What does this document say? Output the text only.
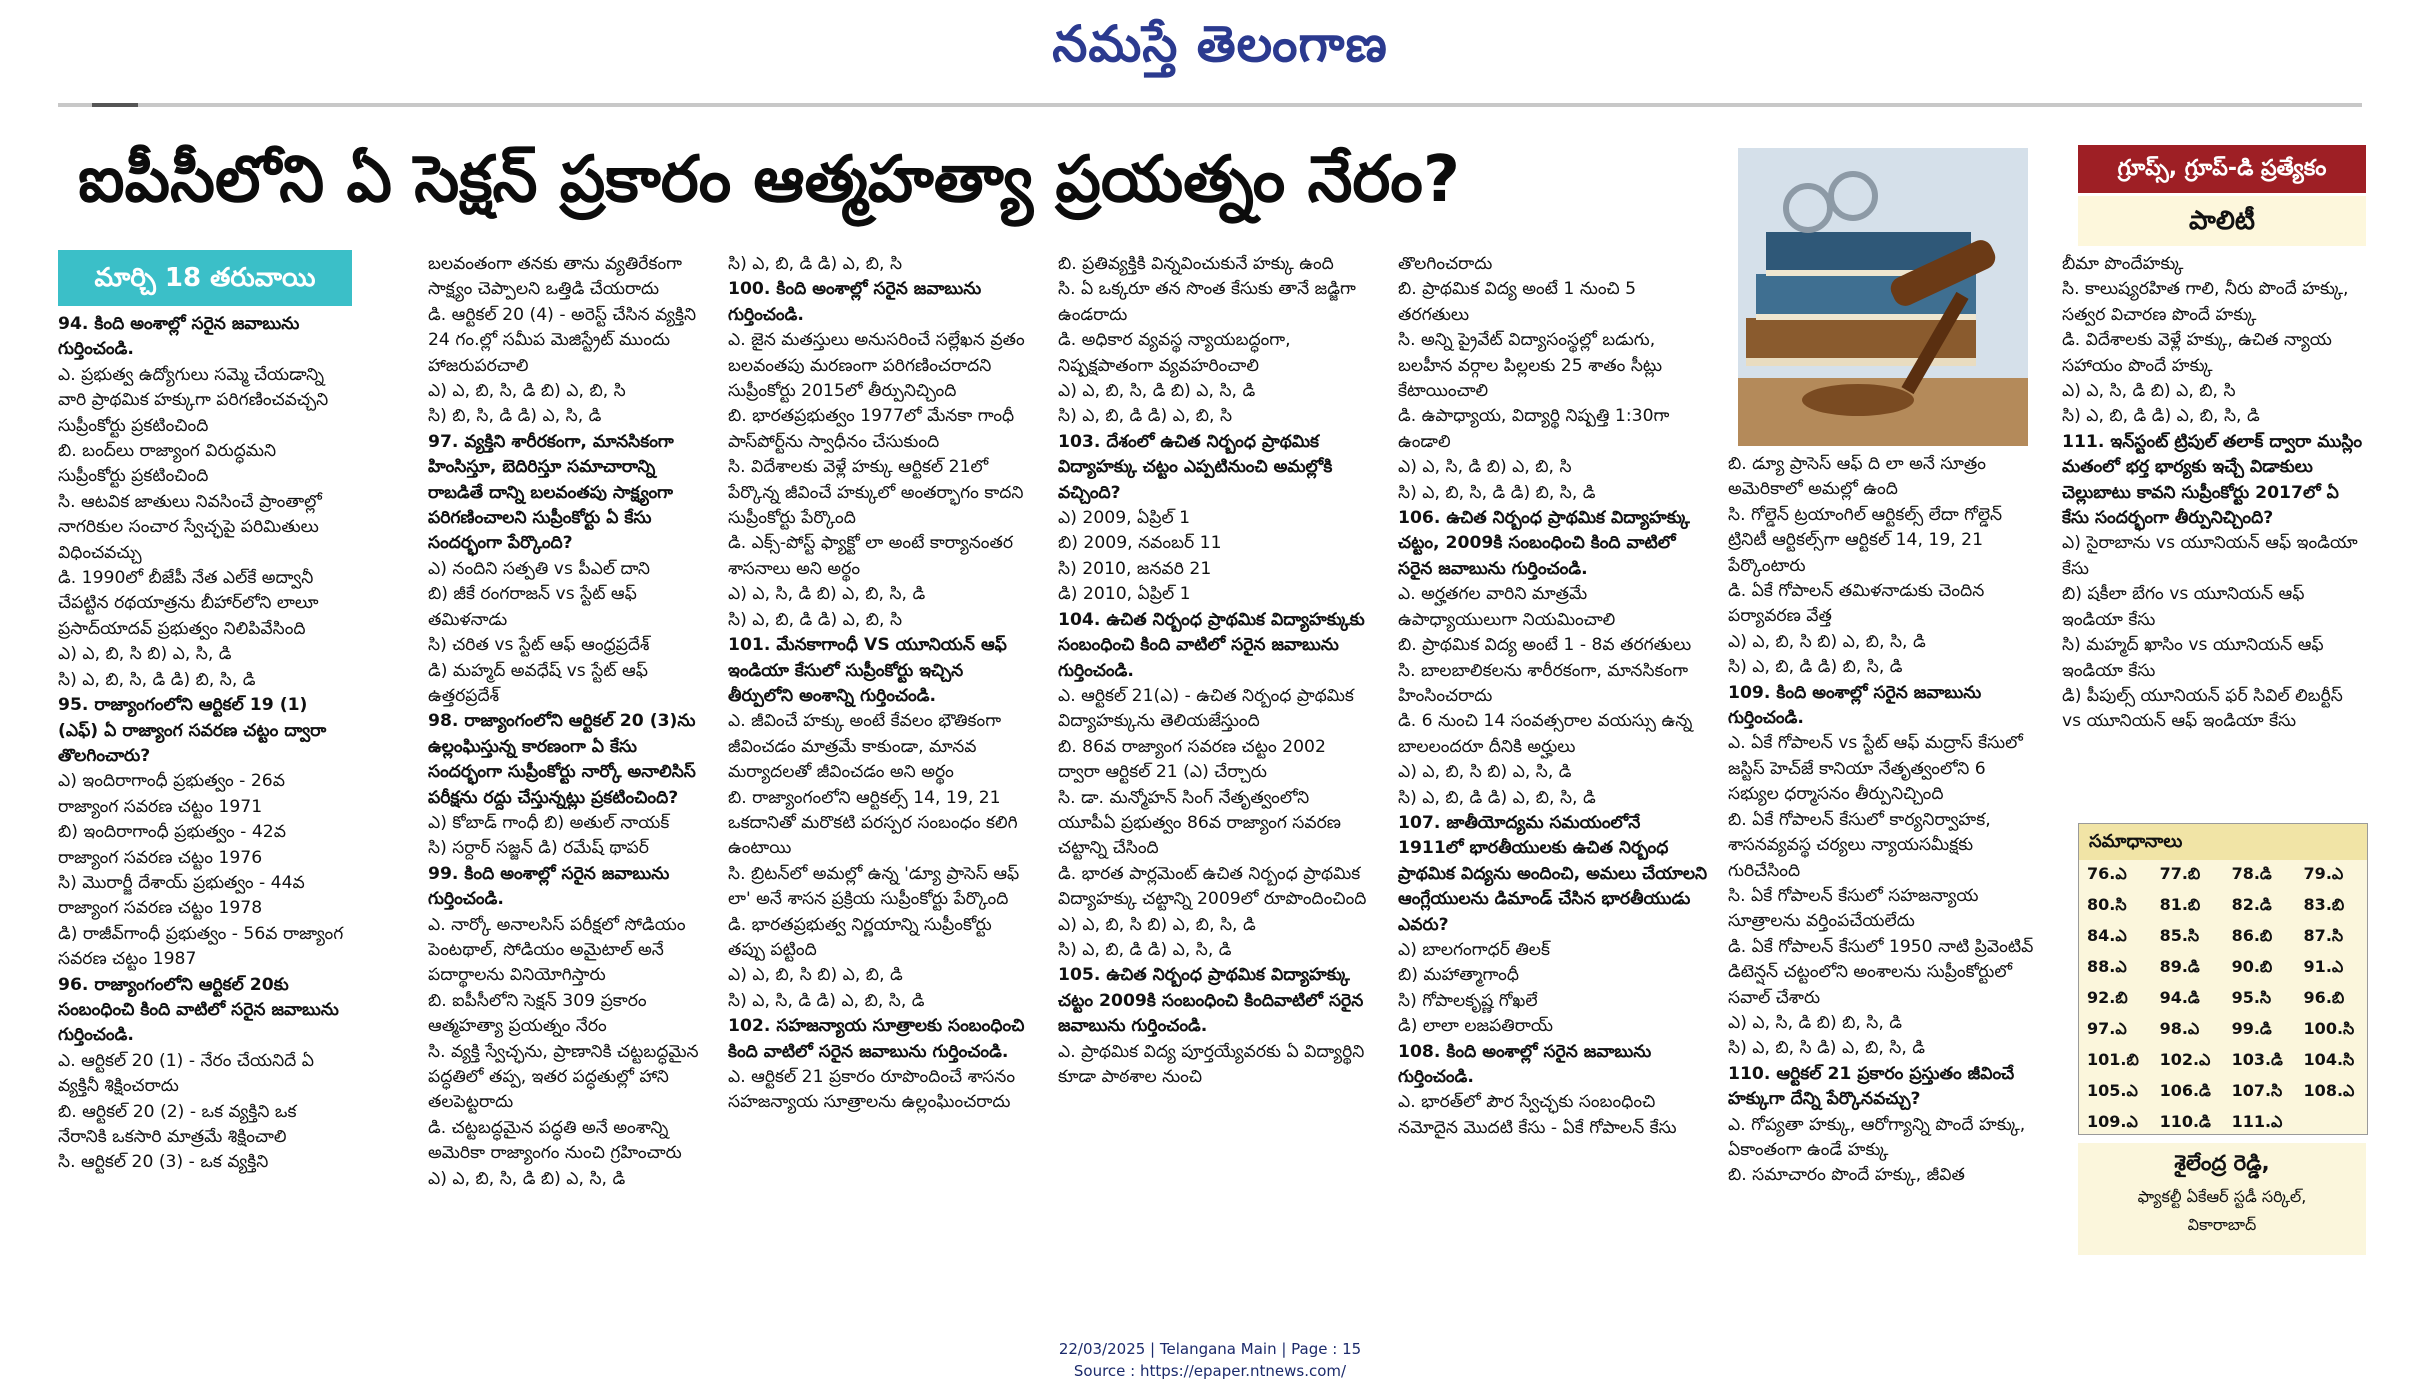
నమస్తే తెలంగాణ
ఐపీసీలోని ఏ సెక్షన్ ప్రకారం ఆత్మహత్యా ప్రయత్నం నేరం?
మార్చి 18 తరువాయి

94. కింది అంశాల్లో సరైన జవాబును గుర్తించండి.

ఎ. ప్రభుత్వ ఉద్యోగులు సమ్మె చేయడాన్ని వారి ప్రాథమిక హక్కుగా పరిగణించవచ్చని సుప్రీంకోర్టు ప్రకటించింది

బి. బంద్‌లు రాజ్యాంగ విరుద్ధమని సుప్రీంకోర్టు ప్రకటించింది

సి. ఆటవిక జాతులు నివసించే ప్రాంతాల్లో నాగరికుల సంచార స్వేచ్ఛపై పరిమితులు విధించవచ్చు

డి. 1990లో బీజేపీ నేత ఎల్‌కే అద్వానీ చేపట్టిన రథయాత్రను బీహార్‌లోని లాలూ ప్రసాద్‌యాదవ్ ప్రభుత్వం నిలిపివేసింది

ఎ) ఎ, బి, సి బి) ఎ, సి, డి

సి) ఎ, బి, సి, డి డి) బి, సి, డి

95. రాజ్యాంగంలోని ఆర్టికల్ 19 (1) (ఎఫ్) ఏ రాజ్యాంగ సవరణ చట్టం ద్వారా తొలగించారు?

ఎ) ఇందిరాగాంధీ ప్రభుత్వం - 26వ రాజ్యాంగ సవరణ చట్టం 1971

బి) ఇందిరాగాంధీ ప్రభుత్వం - 42వ రాజ్యాంగ సవరణ చట్టం 1976

సి) మొరార్జీ దేశాయ్ ప్రభుత్వం - 44వ రాజ్యాంగ సవరణ చట్టం 1978

డి) రాజీవ్‌గాంధీ ప్రభుత్వం - 56వ రాజ్యాంగ సవరణ చట్టం 1987

96. రాజ్యాంగంలోని ఆర్టికల్ 20కు సంబంధించి కింది వాటిలో సరైన జవాబును గుర్తించండి.

ఎ. ఆర్టికల్ 20 (1) - నేరం చేయనిదే ఏ వ్యక్తినీ శిక్షించరాదు

బి. ఆర్టికల్ 20 (2) - ఒక వ్యక్తిని ఒక నేరానికి ఒకసారి మాత్రమే శిక్షించాలి

సి. ఆర్టికల్ 20 (3) - ఒక వ్యక్తిని

బలవంతంగా తనకు తాను వ్యతిరేకంగా సాక్ష్యం చెప్పాలని ఒత్తిడి చేయరాదు

డి. ఆర్టికల్ 20 (4) - అరెస్ట్ చేసిన వ్యక్తిని 24 గం.ల్లో సమీప మెజిస్ట్రేట్ ముందు హాజరుపరచాలి

ఎ) ఎ, బి, సి, డి బి) ఎ, బి, సి

సి) బి, సి, డి డి) ఎ, సి, డి

97. వ్యక్తిని శారీరకంగా, మానసికంగా హింసిస్తూ, బెదిరిస్తూ సమాచారాన్ని రాబడితే దాన్ని బలవంతపు సాక్ష్యంగా పరిగణించాలని సుప్రీంకోర్టు ఏ కేసు సందర్భంగా పేర్కొంది?

ఎ) నందిని సత్పతి vs పీఎల్ దాని

బి) జీకే రంగరాజన్ vs స్టేట్ ఆఫ్ తమిళనాడు

సి) చరిత vs స్టేట్ ఆఫ్ ఆంధ్రప్రదేశ్

డి) మహ్మద్ అవధేష్ vs స్టేట్ ఆఫ్ ఉత్తరప్రదేశ్

98. రాజ్యాంగంలోని ఆర్టికల్ 20 (3)ను ఉల్లంఘిస్తున్న కారణంగా ఏ కేసు సందర్భంగా సుప్రీంకోర్టు నార్కో అనాలిసిస్ పరీక్షను రద్దు చేస్తున్నట్లు ప్రకటించింది?

ఎ) కోబాడ్ గాంధీ బి) అతుల్ నాయక్

సి) సర్దార్ సజ్జన్ డి) రమేష్ థాపర్

99. కింది అంశాల్లో సరైన జవాబును గుర్తించండి.

ఎ. నార్కో అనాలసిస్ పరీక్షలో సోడియం పెంటథాల్, సోడియం అమైటాల్ అనే పదార్థాలను వినియోగిస్తారు

బి. ఐపీసీలోని సెక్షన్ 309 ప్రకారం ఆత్మహత్యా ప్రయత్నం నేరం

సి. వ్యక్తి స్వేచ్ఛను, ప్రాణానికి చట్టబద్ధమైన పద్ధతిలో తప్ప, ఇతర పద్ధతుల్లో హాని తలపెట్టరాదు

డి. చట్టబద్ధమైన పద్ధతి అనే అంశాన్ని అమెరికా రాజ్యాంగం నుంచి గ్రహించారు

ఎ) ఎ, బి, సి, డి బి) ఎ, సి, డి

సి) ఎ, బి, డి డి) ఎ, బి, సి

100. కింది అంశాల్లో సరైన జవాబును గుర్తించండి.

ఎ. జైన మతస్తులు అనుసరించే సల్లేఖన వ్రతం బలవంతపు మరణంగా పరిగణించరాదని సుప్రీంకోర్టు 2015లో తీర్పునిచ్చింది

బి. భారతప్రభుత్వం 1977లో మేనకా గాంధీ పాస్‌పోర్ట్‌ను స్వాధీనం చేసుకుంది

సి. విదేశాలకు వెళ్లే హక్కు ఆర్టికల్ 21లో పేర్కొన్న జీవించే హక్కులో అంతర్భాగం కాదని సుప్రీంకోర్టు పేర్కొంది

డి. ఎక్స్-పోస్ట్ ఫ్యాక్టో లా అంటే కార్యానంతర శాసనాలు అని అర్థం

ఎ) ఎ, సి, డి బి) ఎ, బి, సి, డి

సి) ఎ, బి, డి డి) ఎ, బి, సి

101. మేనకాగాంధీ VS యూనియన్ ఆఫ్ ఇండియా కేసులో సుప్రీంకోర్టు ఇచ్చిన తీర్పులోని అంశాన్ని గుర్తించండి.

ఎ. జీవించే హక్కు అంటే కేవలం భౌతికంగా జీవించడం మాత్రమే కాకుండా, మానవ మర్యాదలతో జీవించడం అని అర్థం

బి. రాజ్యాంగంలోని ఆర్టికల్స్ 14, 19, 21 ఒకదానితో మరొకటి పరస్పర సంబంధం కలిగి ఉంటాయి

సి. బ్రిటన్‌లో అమల్లో ఉన్న 'డ్యూ ప్రాసెస్ ఆఫ్ లా' అనే శాసన ప్రక్రియ సుప్రీంకోర్టు పేర్కొంది

డి. భారతప్రభుత్వ నిర్ణయాన్ని సుప్రీంకోర్టు తప్పు పట్టింది

ఎ) ఎ, బి, సి బి) ఎ, బి, డి

సి) ఎ, సి, డి డి) ఎ, బి, సి, డి

102. సహజన్యాయ సూత్రాలకు సంబంధించి కింది వాటిలో సరైన జవాబును గుర్తించండి.

ఎ. ఆర్టికల్ 21 ప్రకారం రూపొందించే శాసనం సహజన్యాయ సూత్రాలను ఉల్లంఘించరాదు

బి. ప్రతివ్యక్తికి విన్నవించుకునే హక్కు ఉంది

సి. ఏ ఒక్కరూ తన సొంత కేసుకు తానే జడ్జిగా ఉండరాదు

డి. అధికార వ్యవస్థ న్యాయబద్ధంగా, నిష్పక్షపాతంగా వ్యవహరించాలి

ఎ) ఎ, బి, సి, డి బి) ఎ, సి, డి

సి) ఎ, బి, డి డి) ఎ, బి, సి

103. దేశంలో ఉచిత నిర్బంధ ప్రాథమిక విద్యాహక్కు చట్టం ఎప్పటినుంచి అమల్లోకి వచ్చింది?

ఎ) 2009, ఏప్రిల్ 1

బి) 2009, నవంబర్ 11

సి) 2010, జనవరి 21

డి) 2010, ఏప్రిల్ 1

104. ఉచిత నిర్బంధ ప్రాథమిక విద్యాహక్కుకు సంబంధించి కింది వాటిలో సరైన జవాబును గుర్తించండి.

ఎ. ఆర్టికల్ 21(ఎ) - ఉచిత నిర్బంధ ప్రాథమిక విద్యాహక్కును తెలియజేస్తుంది

బి. 86వ రాజ్యాంగ సవరణ చట్టం 2002 ద్వారా ఆర్టికల్ 21 (ఎ) చేర్చారు

సి. డా. మన్మోహన్ సింగ్ నేతృత్వంలోని యూపీఏ ప్రభుత్వం 86వ రాజ్యాంగ సవరణ చట్టాన్ని చేసింది

డి. భారత పార్లమెంట్ ఉచిత నిర్బంధ ప్రాథమిక విద్యాహక్కు చట్టాన్ని 2009లో రూపొందించింది

ఎ) ఎ, బి, సి బి) ఎ, బి, సి, డి

సి) ఎ, బి, డి డి) ఎ, సి, డి

105. ఉచిత నిర్బంధ ప్రాథమిక విద్యాహక్కు చట్టం 2009కి సంబంధించి కిందివాటిలో సరైన జవాబును గుర్తించండి.

ఎ. ప్రాథమిక విద్య పూర్తయ్యేవరకు ఏ విద్యార్థిని కూడా పాఠశాల నుంచి

తొలగించరాదు

బి. ప్రాథమిక విద్య అంటే 1 నుంచి 5 తరగతులు

సి. అన్ని ప్రైవేట్ విద్యాసంస్థల్లో బడుగు, బలహీన వర్గాల పిల్లలకు 25 శాతం సీట్లు కేటాయించాలి

డి. ఉపాధ్యాయ, విద్యార్థి నిష్పత్తి 1:30గా ఉండాలి

ఎ) ఎ, సి, డి బి) ఎ, బి, సి

సి) ఎ, బి, సి, డి డి) బి, సి, డి

106. ఉచిత నిర్బంధ ప్రాథమిక విద్యాహక్కు చట్టం, 2009కి సంబంధించి కింది వాటిలో సరైన జవాబును గుర్తించండి.

ఎ. అర్హతగల వారిని మాత్రమే ఉపాధ్యాయులుగా నియమించాలి

బి. ప్రాథమిక విద్య అంటే 1 - 8వ తరగతులు

సి. బాలబాలికలను శారీరకంగా, మానసికంగా హింసించరాదు

డి. 6 నుంచి 14 సంవత్సరాల వయస్సు ఉన్న బాలలందరూ దీనికి అర్హులు

ఎ) ఎ, బి, సి బి) ఎ, సి, డి

సి) ఎ, బి, డి డి) ఎ, బి, సి, డి

107. జాతీయోద్యమ సమయంలోనే 1911లో భారతీయులకు ఉచిత నిర్బంధ ప్రాథమిక విద్యను అందించి, అమలు చేయాలని ఆంగ్లేయులను డిమాండ్ చేసిన భారతీయుడు ఎవరు?

ఎ) బాలగంగాధర్ తిలక్

బి) మహాత్మాగాంధీ

సి) గోపాలకృష్ణ గోఖలే

డి) లాలా లజపతిరాయ్

108. కింది అంశాల్లో సరైన జవాబును గుర్తించండి.

ఎ. భారత్‌లో పౌర స్వేచ్ఛకు సంబంధించి నమోదైన మొదటి కేసు - ఏకే గోపాలన్ కేసు

బి. డ్యూ ప్రాసెస్ ఆఫ్ ది లా అనే సూత్రం అమెరికాలో అమల్లో ఉంది

సి. గోల్డెన్ ట్రయాంగిల్ ఆర్టికల్స్ లేదా గోల్డెన్ ట్రినిటీ ఆర్టికల్స్‌గా ఆర్టికల్ 14, 19, 21 పేర్కొంటారు

డి. ఏకే గోపాలన్ తమిళనాడుకు చెందిన పర్యావరణ వేత్త

ఎ) ఎ, బి, సి బి) ఎ, బి, సి, డి

సి) ఎ, బి, డి డి) బి, సి, డి

109. కింది అంశాల్లో సరైన జవాబును గుర్తించండి.

ఎ. ఏకే గోపాలన్ vs స్టేట్ ఆఫ్ మద్రాస్ కేసులో జస్టిస్ హెచ్‌జే కానియా నేతృత్వంలోని 6 సభ్యుల ధర్మాసనం తీర్పునిచ్చింది

బి. ఏకే గోపాలన్ కేసులో కార్యనిర్వాహక, శాసనవ్యవస్థ చర్యలు న్యాయసమీక్షకు గురిచేసింది

సి. ఏకే గోపాలన్ కేసులో సహజన్యాయ సూత్రాలను వర్తింపచేయలేదు

డి. ఏకే గోపాలన్ కేసులో 1950 నాటి ప్రివెంటివ్ డిటెన్షన్ చట్టంలోని అంశాలను సుప్రీంకోర్టులో సవాల్ చేశారు

ఎ) ఎ, సి, డి బి) బి, సి, డి

సి) ఎ, బి, సి డి) ఎ, బి, సి, డి

110. ఆర్టికల్ 21 ప్రకారం ప్రస్తుతం జీవించే హక్కుగా దేన్ని పేర్కొనవచ్చు?

ఎ. గోప్యతా హక్కు, ఆరోగ్యాన్ని పొందే హక్కు, ఏకాంతంగా ఉండే హక్కు

బి. సమాచారం పొందే హక్కు, జీవిత

బీమా పొందేహక్కు

సి. కాలుష్యరహిత గాలి, నీరు పొందే హక్కు, సత్వర విచారణ పొందే హక్కు

డి. విదేశాలకు వెళ్లే హక్కు, ఉచిత న్యాయ సహాయం పొందే హక్కు

ఎ) ఎ, సి, డి బి) ఎ, బి, సి

సి) ఎ, బి, డి డి) ఎ, బి, సి, డి

111. ఇన్‌స్టంట్ ట్రిపుల్ తలాక్ ద్వారా ముస్లిం మతంలో భర్త భార్యకు ఇచ్చే విడాకులు చెల్లుబాటు కావని సుప్రీంకోర్టు 2017లో ఏ కేసు సందర్భంగా తీర్పునిచ్చింది?

ఎ) సైరాబాను vs యూనియన్ ఆఫ్ ఇండియా కేసు

బి) షకీలా బేగం vs యూనియన్ ఆఫ్ ఇండియా కేసు

సి) మహ్మద్ ఖాసిం vs యూనియన్ ఆఫ్ ఇండియా కేసు

డి) పీపుల్స్ యూనియన్ ఫర్ సివిల్ లిబర్టీస్ vs యూనియన్ ఆఫ్ ఇండియా కేసు

గ్రూప్స్, గ్రూప్-డి ప్రత్యేకం
పాలిటీ
సమాధానాలు
76.ఎ	77.బి	78.డి	79.ఎ
80.సి	81.బి	82.డి	83.బి
84.ఎ	85.సి	86.బి	87.సి
88.ఎ	89.డి	90.బి	91.ఎ
92.బి	94.డి	95.సి	96.బి
97.ఎ	98.ఎ	99.డి	100.సి
101.బి	102.ఎ	103.డి	104.సి
105.ఎ	106.డి	107.సి	108.ఎ
109.ఎ	110.డి	111.ఎ	
శైలేంద్ర రెడ్డి,
ఫ్యాకల్టీ ఏకేఆర్ స్టడీ సర్కిల్,
వికారాబాద్
22/03/2025 | Telangana Main | Page : 15
Source : https://epaper.ntnews.com/
